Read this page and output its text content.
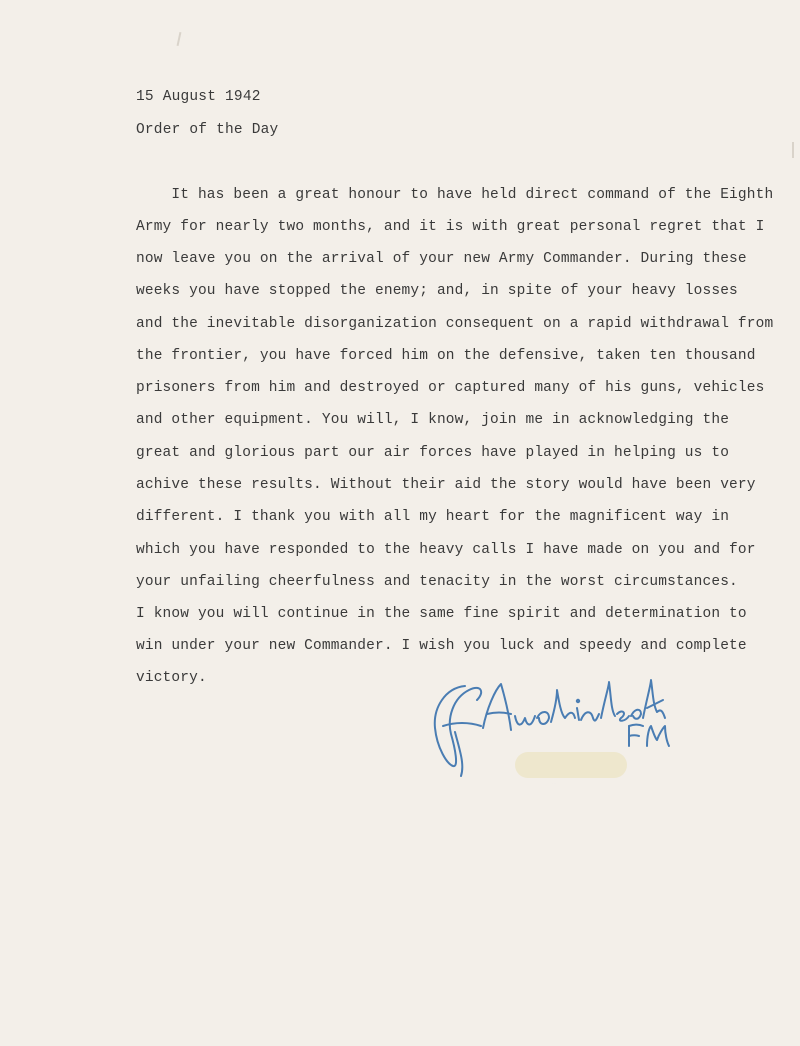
15 August 1942
Order of the Day
It has been a great honour to have held direct command of the Eighth
Army for nearly two months, and it is with great personal regret that I
now leave you on the arrival of your new Army Commander. During these
weeks you have stopped the enemy; and, in spite of your heavy losses
and the inevitable disorganization consequent on a rapid withdrawal from
the frontier, you have forced him on the defensive, taken ten thousand
prisoners from him and destroyed or captured many of his guns, vehicles
and other equipment. You will, I know, join me in acknowledging the
great and glorious part our air forces have played in helping us to
achive these results. Without their aid the story would have been very
different. I thank you with all my heart for the magnificent way in
which you have responded to the heavy calls I have made on you and for
your unfailing cheerfulness and tenacity in the worst circumstances.
I know you will continue in the same fine spirit and determination to
win under your new Commander. I wish you luck and speedy and complete
victory.
